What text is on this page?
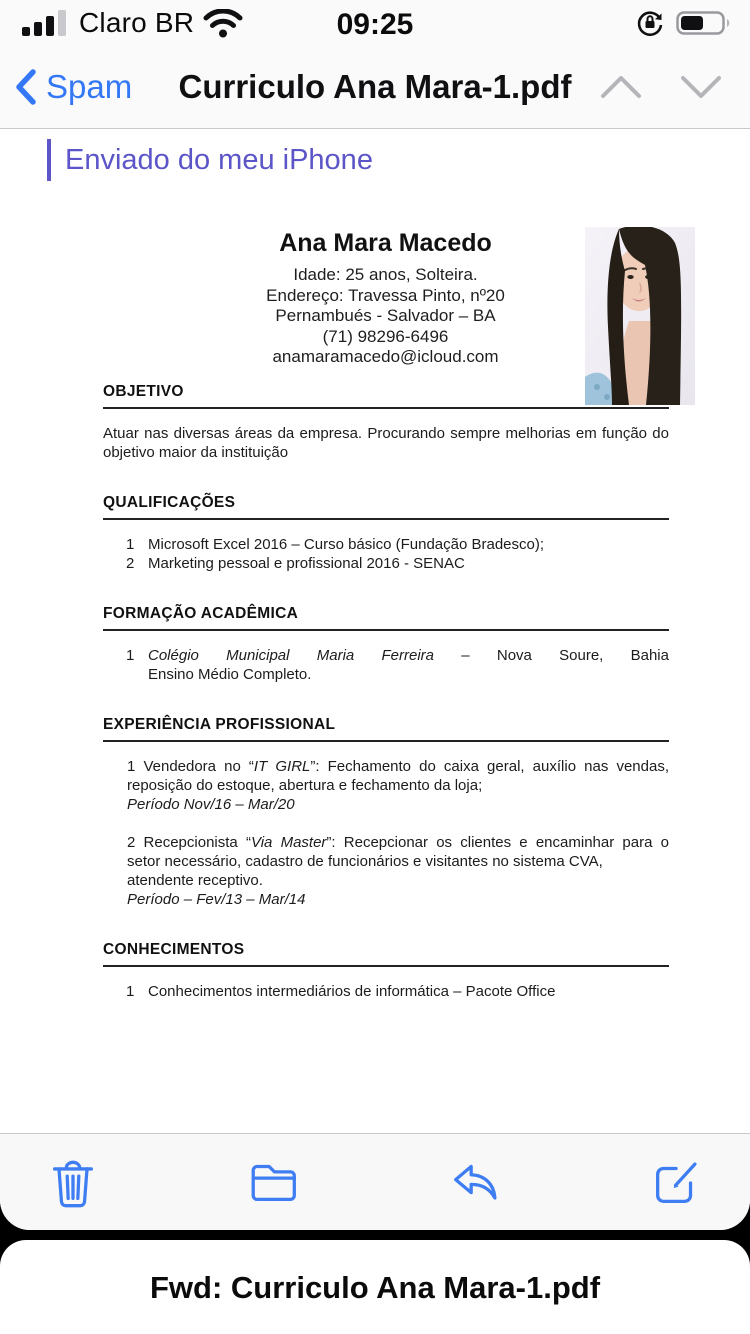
Claro BR	09:25
Spam	Curriculo Ana Mara-1.pdf
Enviado do meu iPhone
Ana Mara Macedo
Idade: 25 anos, Solteira.
Endereço: Travessa Pinto, nº20
Pernambués - Salvador – BA
(71) 98296-6496
anamaramacedo@icloud.com
OBJETIVO
Atuar nas diversas áreas da empresa. Procurando sempre melhorias em função do
objetivo maior da instituição
QUALIFICAÇÕES
1 Microsoft Excel 2016 – Curso básico (Fundação Bradesco);
2 Marketing pessoal e profissional 2016 - SENAC
FORMAÇÃO ACADÊMICA
1 Colégio Municipal Maria Ferreira – Nova Soure, Bahia
Ensino Médio Completo.
EXPERIÊNCIA PROFISSIONAL
1 Vendedora no “IT GIRL”: Fechamento do caixa geral, auxílio nas vendas,
reposição do estoque, abertura e fechamento da loja;
Período Nov/16 – Mar/20
2 Recepcionista “Via Master”: Recepcionar os clientes e encaminhar para o
setor necessário, cadastro de funcionários e visitantes no sistema CVA,
atendente receptivo.
Período – Fev/13 – Mar/14
CONHECIMENTOS
1 Conhecimentos intermediários de informática – Pacote Office
Fwd: Curriculo Ana Mara-1.pdf
